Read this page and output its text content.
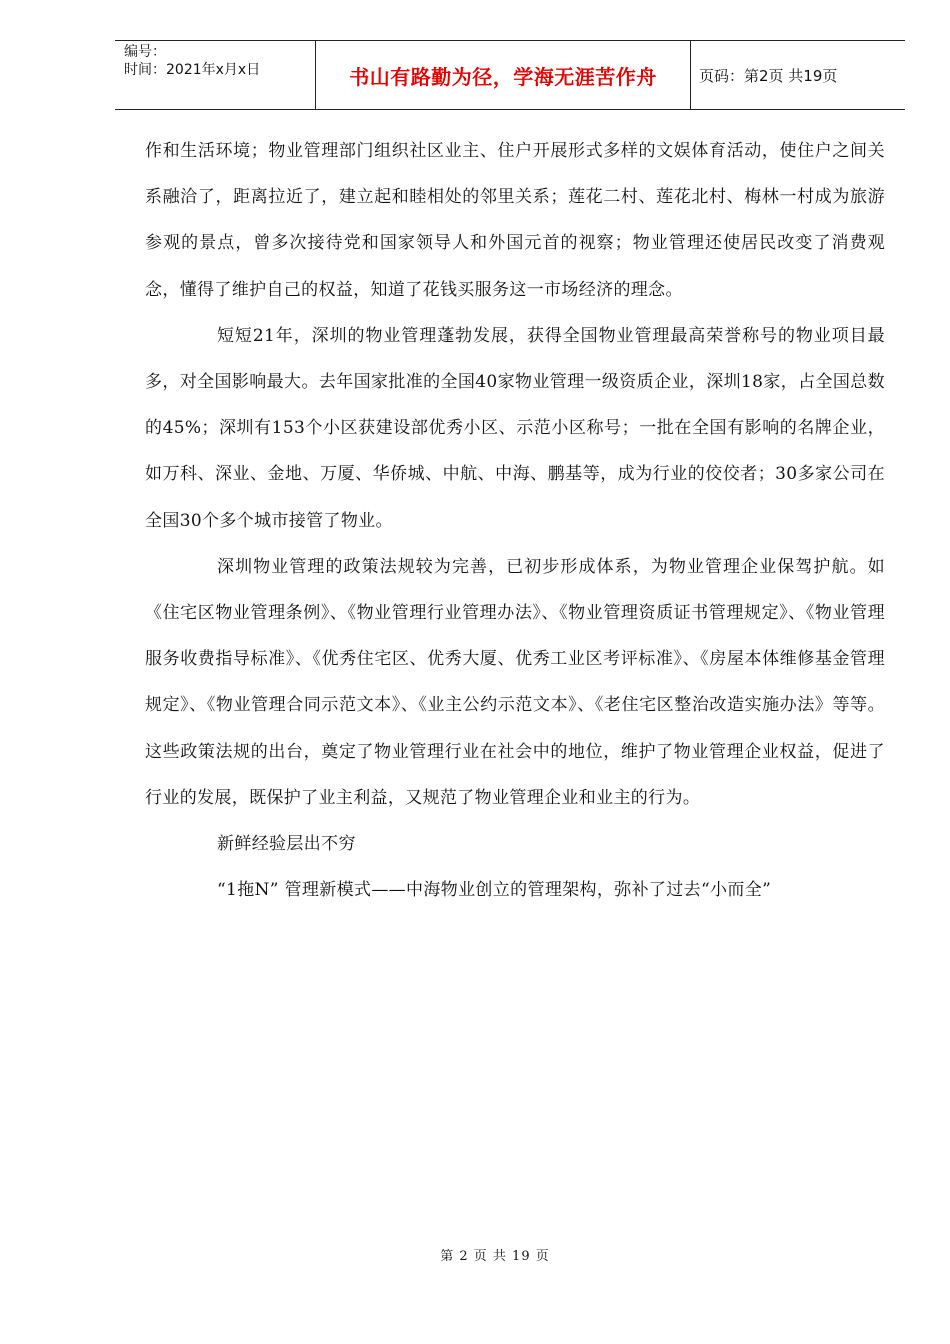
编号：
时间：2021年x月x日	书山有路勤为径，学海无涯苦作舟	页码：第2页 共19页

作和生活环境；物业管理部门组织社区业主、住户开展形式多样的文娱体育活动，使住户之间关系融洽了，距离拉近了，建立起和睦相处的邻里关系；莲花二村、莲花北村、梅林一村成为旅游参观的景点，曾多次接待党和国家领导人和外国元首的视察；物业管理还使居民改变了消费观念，懂得了维护自己的权益，知道了花钱买服务这一市场经济的理念。

短短21年，深圳的物业管理蓬勃发展，获得全国物业管理最高荣誉称号的物业项目最多，对全国影响最大。去年国家批准的全国40家物业管理一级资质企业，深圳18家，占全国总数的45%；深圳有153个小区获建设部优秀小区、示范小区称号；一批在全国有影响的名牌企业，如万科、深业、金地、万厦、华侨城、中航、中海、鹏基等，成为行业的佼佼者；30多家公司在全国30个多个城市接管了物业。

深圳物业管理的政策法规较为完善，已初步形成体系，为物业管理企业保驾护航。如《住宅区物业管理条例》、《物业管理行业管理办法》、《物业管理资质证书管理规定》、《物业管理服务收费指导标准》、《优秀住宅区、优秀大厦、优秀工业区考评标准》、《房屋本体维修基金管理规定》、《物业管理合同示范文本》、《业主公约示范文本》、《老住宅区整治改造实施办法》等等。这些政策法规的出台，奠定了物业管理行业在社会中的地位，维护了物业管理企业权益，促进了行业的发展，既保护了业主利益，又规范了物业管理企业和业主的行为。

新鲜经验层出不穷

“1拖N” 管理新模式——中海物业创立的管理架构，弥补了过去“小而全”

第 2 页 共 19 页
